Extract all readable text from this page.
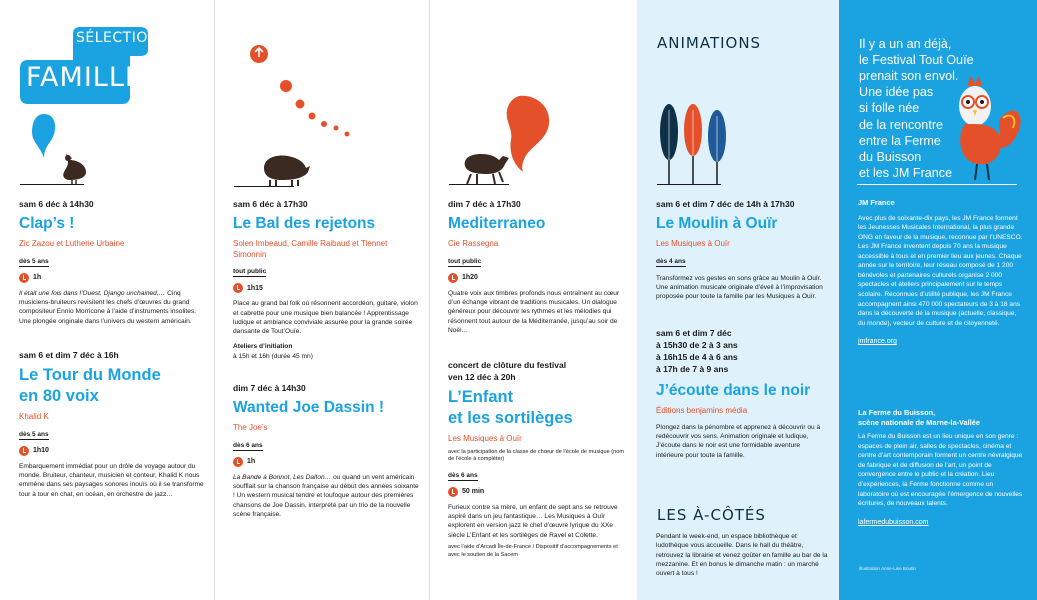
SÉLECTION
FAMILLE
sam 6 déc à 14h30
Clap’s !
Zic Zazou et Lutherie Urbaine
dès 5 ans
1h
Il était une fois dans l’Ouest, Django unchained,… Cinq musiciens-bruiteurs revisitent les chefs d’œuvres du grand compositeur Ennio Morricone à l’aide d’instruments insolites. Une plongée originale dans l’univers du western américain.
sam 6 et dim 7 déc à 16h
Le Tour du Monde
en 80 voix
Khalid K
dès 5 ans
1h10
Embarquement immédiat pour un drôle de voyage autour du monde. Bruiteur, chanteur, musicien et conteur, Khalid K nous emmène dans ses paysages sonores inouïs où il se transforme tour à tour en chat, en océan, en orchestre de jazz…
sam 6 déc à 17h30
Le Bal des rejetons
Solen Imbeaud, Camille Raibaud et Tiennet Simonnin
tout public
1h15
Place au grand bal folk où résonnent accordéon, guitare, violon et cabrette pour une musique bien balancée ! Apprentissage ludique et ambiance conviviale assurée pour la grande soirée dansante de Tout’Ouïe.
Ateliers d’initiation
à 15h et 16h (durée 45 mn)
dim 7 déc à 14h30
Wanted Joe Dassin !
The Joe’s
dès 6 ans
1h
La Bande à Bonnot, Les Dalton… ou quand un vent américain soufflait sur la chanson française au début des années soixante ! Un western musical tendre et loufoque autour des premières chansons de Joe Dassin, interprété par un trio de la nouvelle scène française.
dim 7 déc à 17h30
Mediterraneo
Cie Rassegna
tout public
1h20
Quatre voix aux timbres profonds nous entraînent au cœur d’un échange vibrant de traditions musicales. Un dialogue généreux pour découvrir les rythmes et les mélodies qui résonnent tout autour de la Méditerranée, jusqu’au soir de Noël…
concert de clôture du festival
ven 12 déc à 20h
L’Enfant
et les sortilèges
Les Musiques à Ouïr
avec la participation de la classe de chœur de l’école de musique (nom de l’école à compléter)
dès 6 ans
50 min
Furieux contre sa mère, un enfant de sept ans se retrouve aspiré dans un jeu fantastique… Les Musiques à Ouïr explorent en version jazz le chef d’œuvre lyrique du XXe siècle L’Enfant et les sortilèges de Ravel et Colette.
avec l’aide d’Arcadi Île-de-France / Dispositif d’accompagnements et avec le soutien de la Sacem
ANIMATIONS
sam 6 et dim 7 déc de 14h à 17h30
Le Moulin à Ouïr
Les Musiques à Ouïr
dès 4 ans
Transformez vos gestes en sons grâce au Moulin à Ouïr. Une animation musicale originale d’éveil à l’improvisation proposée pour toute la famille par les Musiques à Ouïr.
sam 6 et dim 7 déc
à 15h30 de 2 à 3 ans
à 16h15 de 4 à 6 ans
à 17h de 7 à 9 ans
J’écoute dans le noir
Éditions benjamins média
Plongez dans la pénombre et apprenez à découvrir ou à redécouvrir vos sens. Animation originale et ludique, J’écoute dans le noir est une formidable aventure intérieure pour toute la famille.
LES À-CÔTÉS
Pendant le week-end, un espace bibliothèque et ludothèque vous accueille. Dans le hall du théâtre, retrouvez la librairie et venez goûter en famille au bar de la mezzanine. Et en bonus le dimanche matin : un marché ouvert à tous !
Il y a un an déjà,
le Festival Tout Ouïe
prenait son envol.
Une idée pas
si folle née
de la rencontre
entre la Ferme
du Buisson
et les JM France
JM France
Avec plus de soixante-dix pays, les JM France forment les Jeunesses Musicales International, la plus grande ONG en faveur de la musique, reconnue par l’UNESCO. Les JM France inventent depuis 70 ans la musique accessible à tous et en premier lieu aux jeunes. Chaque année sur le territoire, leur réseau composé de 1 200 bénévoles et partenaires culturels organise 2 000 spectacles et ateliers principalement sur le temps scolaire. Reconnues d’utilité publique, les JM France accompagnent ainsi 470 000 spectateurs de 3 à 18 ans dans la découverte de la musique (actuelle, classique, du monde), vecteur de culture et de citoyenneté.
jmfrance.org
La Ferme du Buisson,
scène nationale de Marne-la-Vallée
La Ferme du Buisson est un lieu unique en son genre : espaces de plein air, salles de spectacles, cinéma et centre d’art contemporain forment un centre névralgique de fabrique et de diffusion de l’art, un point de convergence entre le public et la création. Lieu d’expériences, la Ferme fonctionne comme un laboratoire où est encouragée l’émergence de nouvelles écritures, de nouveaux talents.
lafermedubuisson.com
Illustration Anne-Lise Boutin
